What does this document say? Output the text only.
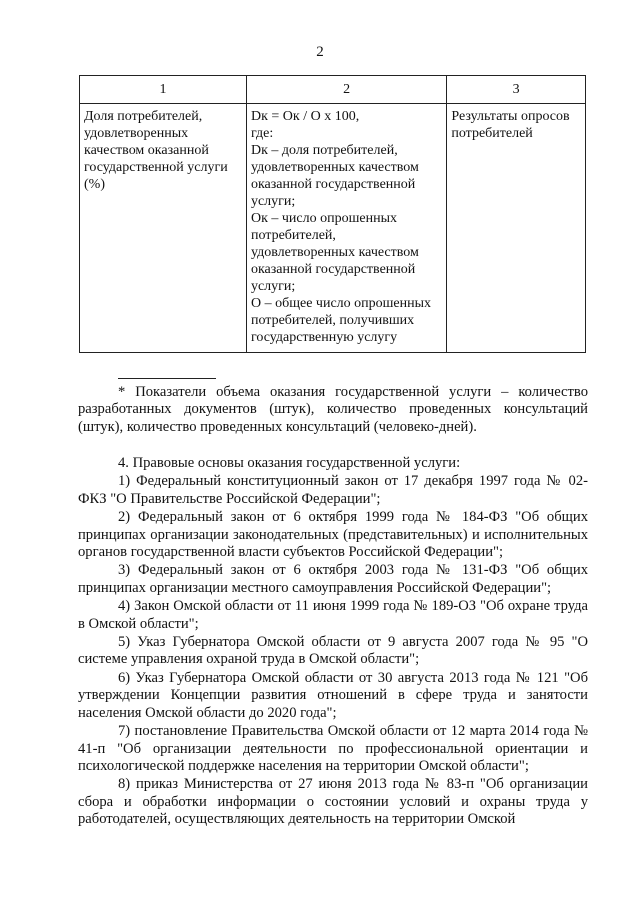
2
1	2	3

Доля потребителей, удовлетворенных качеством оказанной государственной услуги (%)	Dк = Oк / O x 100,
где:
Dк – доля потребителей, удовлетворенных качеством оказанной государственной услуги;
Oк – число опрошенных потребителей, удовлетворенных качеством оказанной государственной услуги;
O – общее число опрошенных потребителей, получивших государственную услугу	Результаты опросов потребителей

* Показатели объема оказания государственной услуги – количество разработанных документов (штук), количество проведенных консультаций (штук), количество проведенных консультаций (человеко-дней).

4. Правовые основы оказания государственной услуги:

1) Федеральный конституционный закон от 17 декабря 1997 года № 02-ФКЗ "О Правительстве Российской Федерации";

2) Федеральный закон от 6 октября 1999 года № 184-ФЗ "Об общих принципах организации законодательных (представительных) и исполнительных органов государственной власти субъектов Российской Федерации";

3) Федеральный закон от 6 октября 2003 года № 131-ФЗ "Об общих принципах организации местного самоуправления Российской Федерации";

4) Закон Омской области от 11 июня 1999 года № 189-ОЗ "Об охране труда в Омской области";

5) Указ Губернатора Омской области от 9 августа 2007 года № 95 "О системе управления охраной труда в Омской области";

6) Указ Губернатора Омской области от 30 августа 2013 года № 121 "Об утверждении Концепции развития отношений в сфере труда и занятости населения Омской области до 2020 года";

7) постановление Правительства Омской области от 12 марта 2014 года № 41-п "Об организации деятельности по профессиональной ориентации и психологической поддержке населения на территории Омской области";

8) приказ Министерства от 27 июня 2013 года № 83-п "Об организации сбора и обработки информации о состоянии условий и охраны труда у работодателей, осуществляющих деятельность на территории Омской
